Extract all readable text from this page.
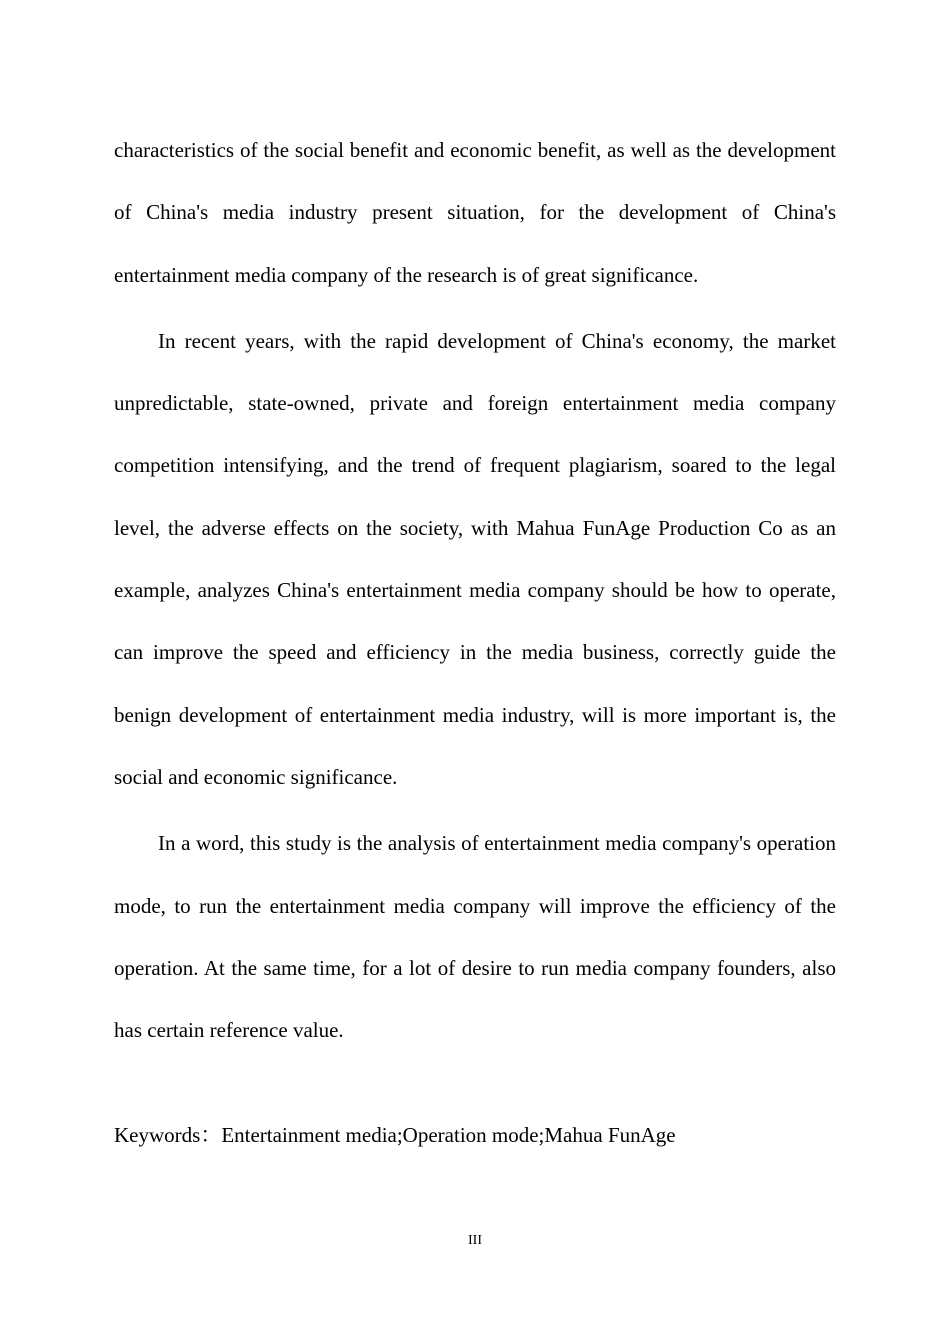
characteristics of the social benefit and economic benefit, as well as the development of China's media industry present situation, for the development of China's entertainment media company of the research is of great significance.

In recent years, with the rapid development of China's economy, the market unpredictable, state-owned, private and foreign entertainment media company competition intensifying, and the trend of frequent plagiarism, soared to the legal level, the adverse effects on the society, with Mahua FunAge Production Co as an example, analyzes China's entertainment media company should be how to operate, can improve the speed and efficiency in the media business, correctly guide the benign development of entertainment media industry, will is more important is, the social and economic significance.

In a word, this study is the analysis of entertainment media company's operation mode, to run the entertainment media company will improve the efficiency of the operation. At the same time, for a lot of desire to run media company founders, also has certain reference value.

Keywords：Entertainment media;Operation mode;Mahua FunAge
III
